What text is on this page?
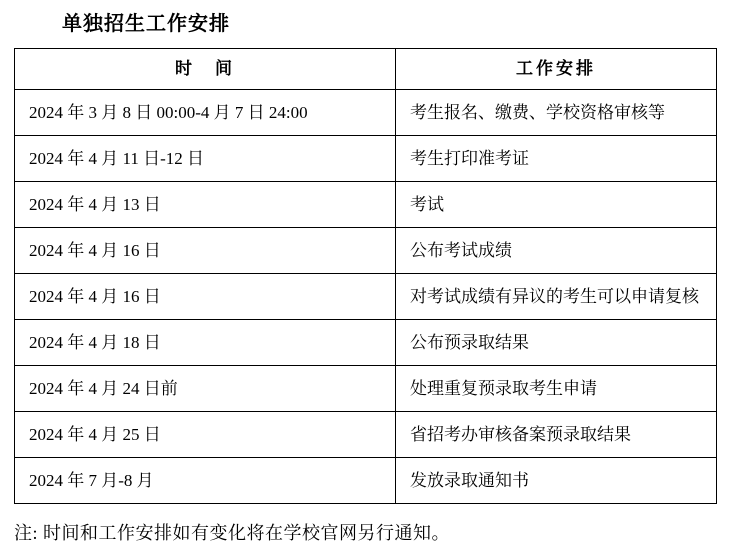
单独招生工作安排
时　间	工作安排
2024 年 3 月 8 日 00:00-4 月 7 日 24:00	考生报名、缴费、学校资格审核等
2024 年 4 月 11 日-12 日	考生打印准考证
2024 年 4 月 13 日	考试
2024 年 4 月 16 日	公布考试成绩
2024 年 4 月 16 日	对考试成绩有异议的考生可以申请复核
2024 年 4 月 18 日	公布预录取结果
2024 年 4 月 24 日前	处理重复预录取考生申请
2024 年 4 月 25 日	省招考办审核备案预录取结果
2024 年 7 月-8 月	发放录取通知书
注: 时间和工作安排如有变化将在学校官网另行通知。
